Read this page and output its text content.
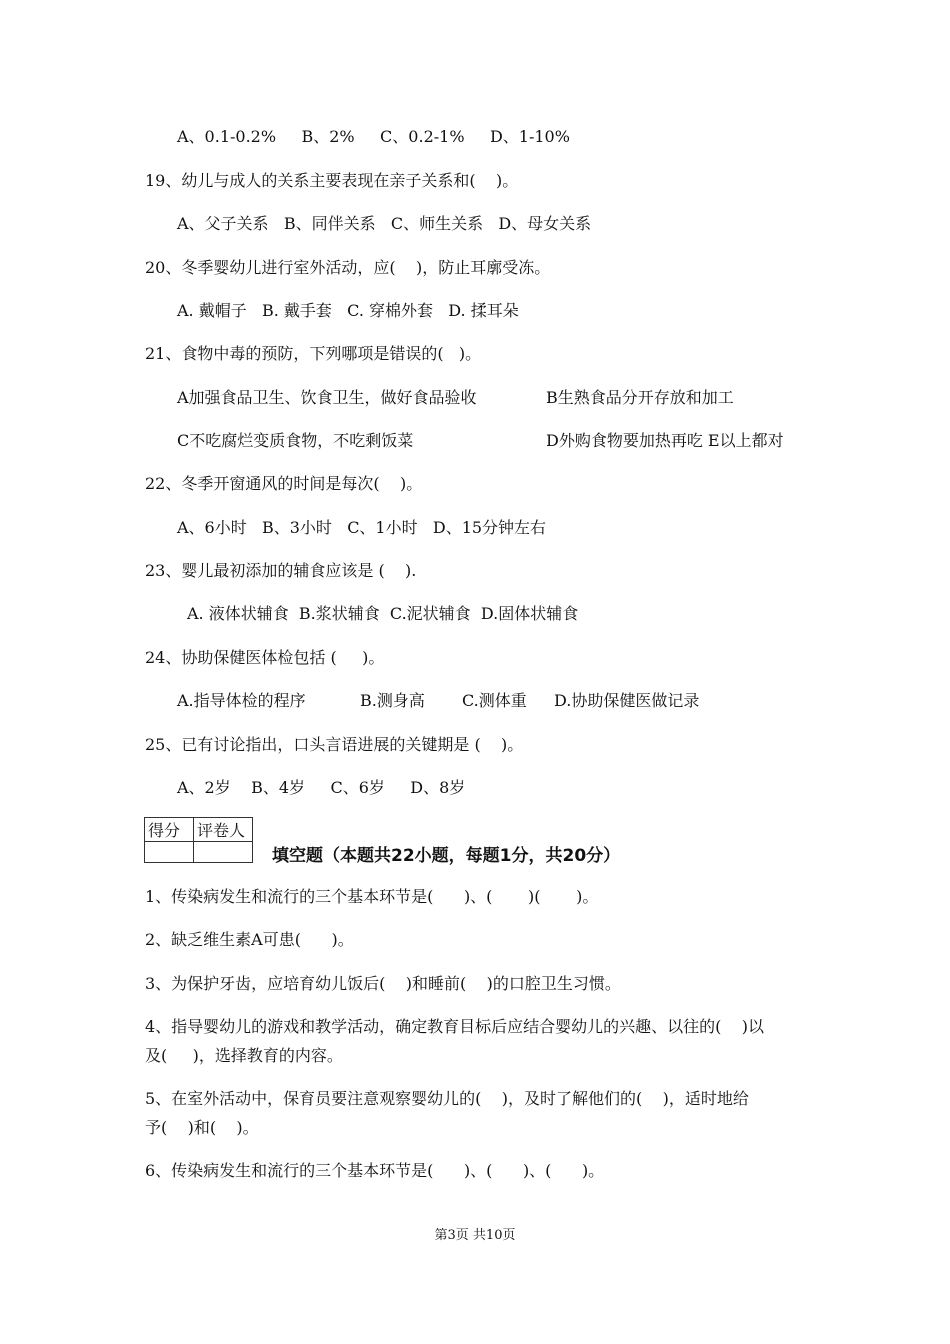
A、0.1-0.2%     B、2%     C、0.2-1%     D、1-10%
19、幼儿与成人的关系主要表现在亲子关系和(    )。
A、父子关系   B、同伴关系   C、师生关系   D、母女关系
20、冬季婴幼儿进行室外活动，应(    )，防止耳廓受冻。
A. 戴帽子   B. 戴手套   C. 穿棉外套   D. 揉耳朵
21、食物中毒的预防，下列哪项是错误的(   )。
A加强食品卫生、饮食卫生，做好食品验收	B生熟食品分开存放和加工
C不吃腐烂变质食物，不吃剩饭菜	D外购食物要加热再吃 E以上都对
22、冬季开窗通风的时间是每次(    )。
A、6小时   B、3小时   C、1小时   D、15分钟左右
23、婴儿最初添加的辅食应该是 (    ).
A. 液体状辅食  B.浆状辅食  C.泥状辅食  D.固体状辅食
24、协助保健医体检包括 (     )。
A.指导体检的程序	B.测身高 C.测体重 D.协助保健医做记录
25、已有讨论指出，口头言语进展的关键期是 (    )。
A、2岁    B、4岁     C、6岁     D、8岁
得分	评卷人

填空题（本题共22小题，每题1分，共20分）
1、传染病发生和流行的三个基本环节是(      )、(       )(       )。
2、缺乏维生素A可患(      )。
3、为保护牙齿，应培育幼儿饭后(    )和睡前(    )的口腔卫生习惯。
4、指导婴幼儿的游戏和教学活动，确定教育目标后应结合婴幼儿的兴趣、以往的(    )以
及(     )，选择教育的内容。
5、在室外活动中，保育员要注意观察婴幼儿的(    )，及时了解他们的(    )，适时地给
予(    )和(    )。
6、传染病发生和流行的三个基本环节是(      )、(      )、(      )。
第3页 共10页
